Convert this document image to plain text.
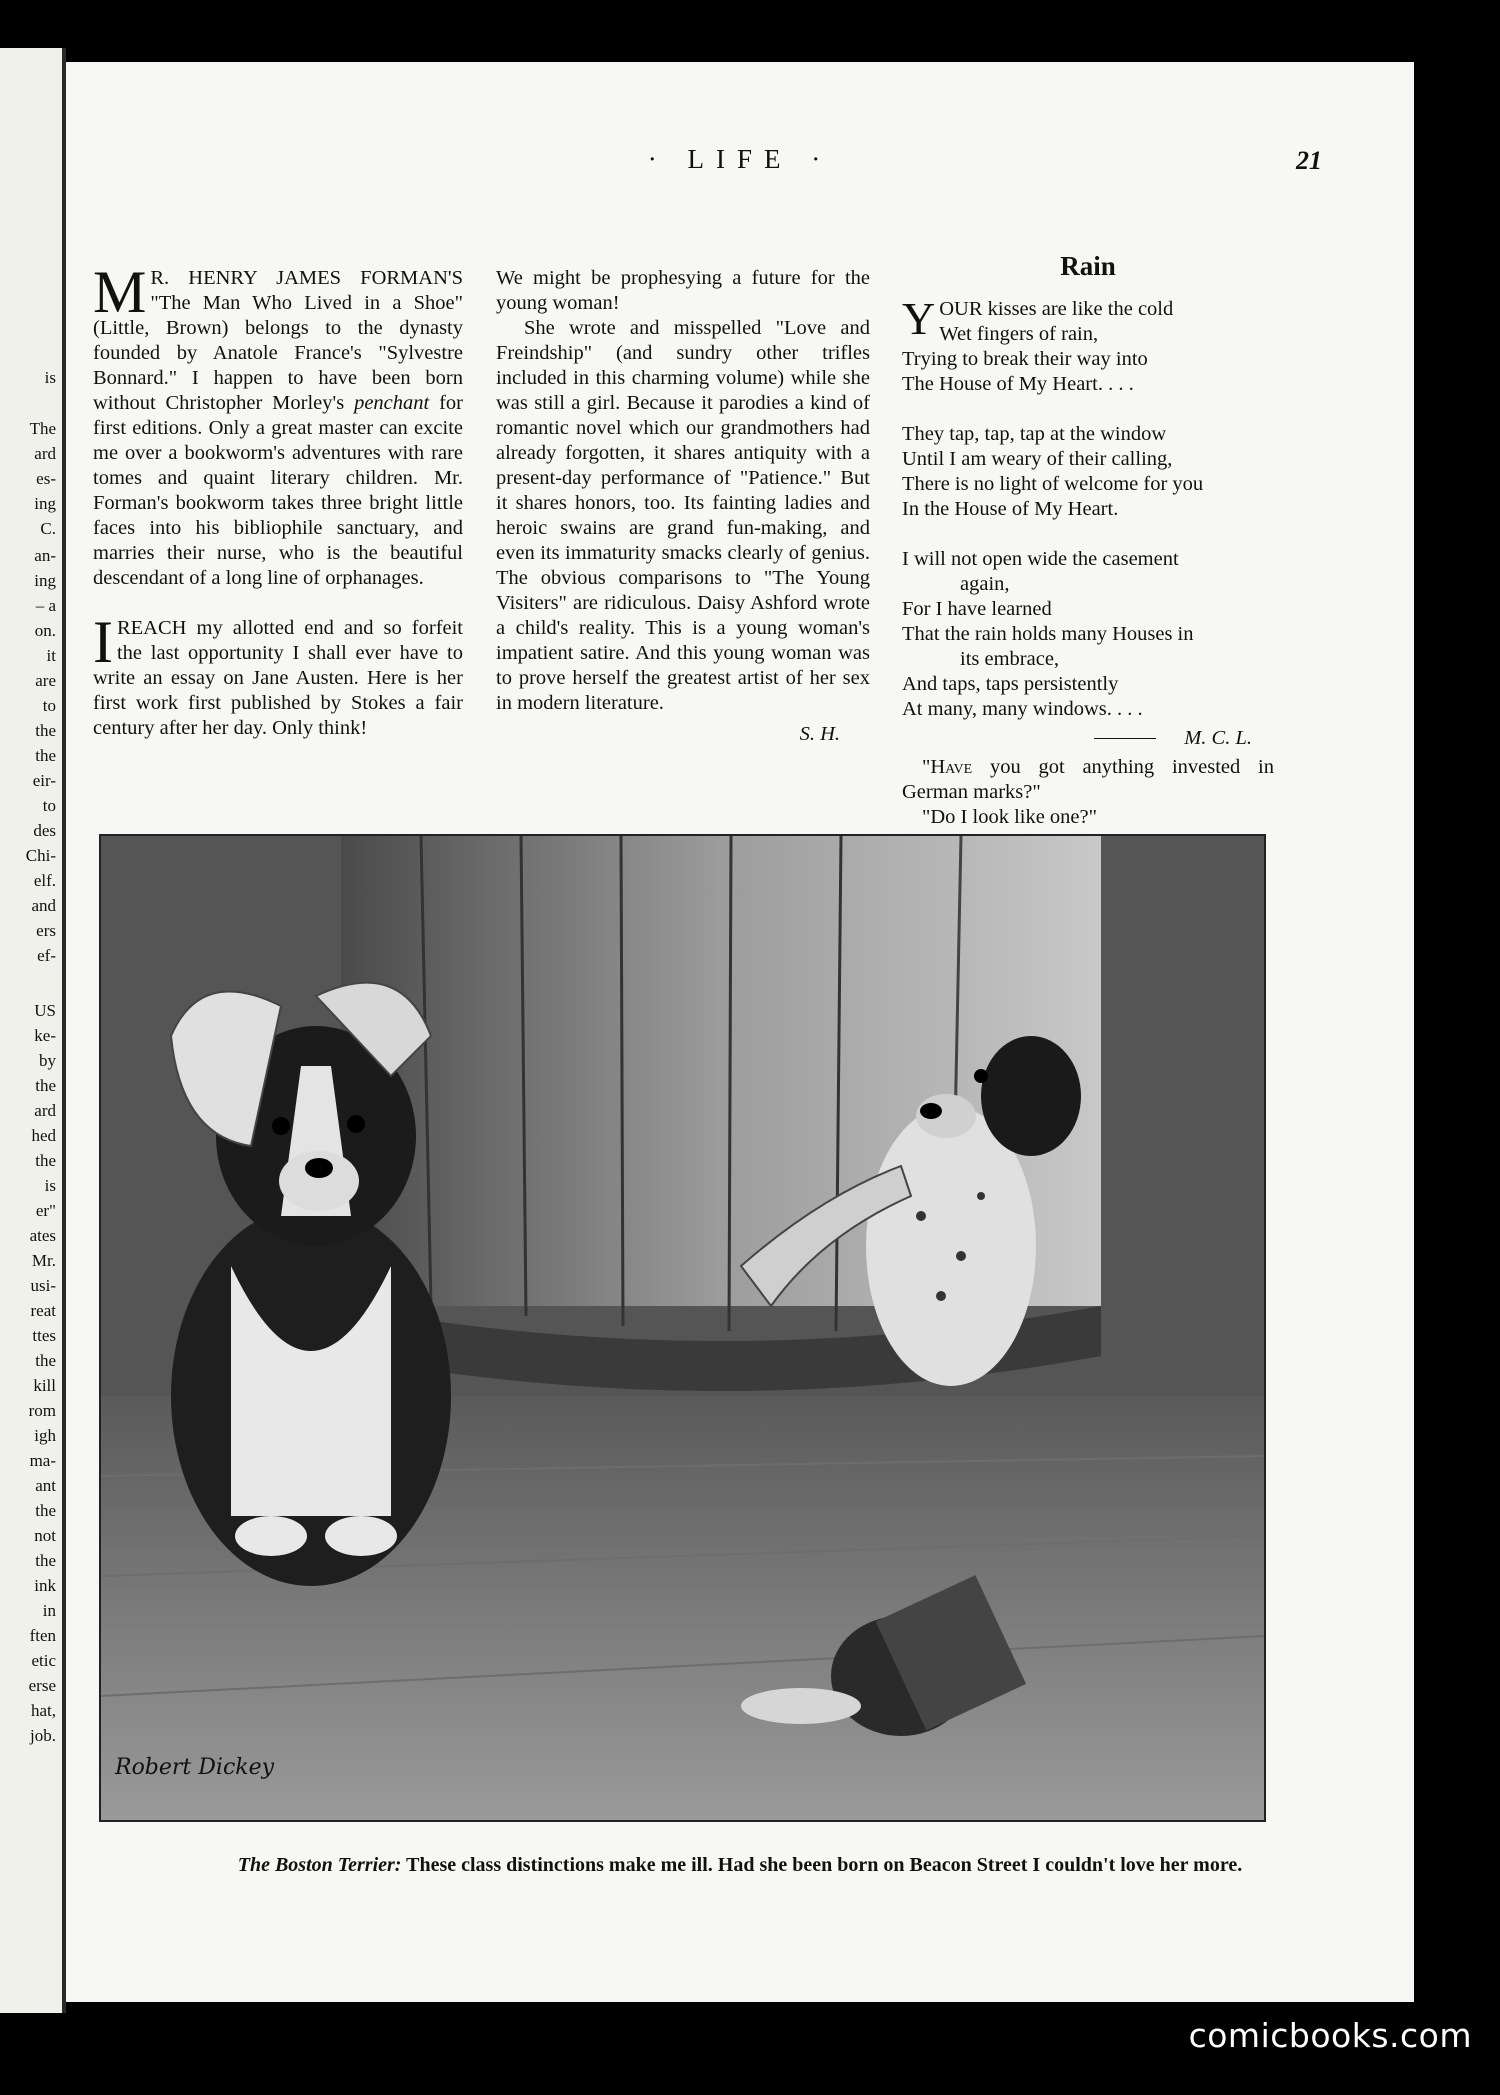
is
The
ard
es-
ing
C.
an-
ing
– a
on.
it
are
to
the
the
eir-
to
des
Chi-
elf.
and
ers
ef-
US
ke-
by
the
ard
hed
the
is
er"
ates
Mr.
usi-
reat
ttes
the
kill
rom
igh
ma-
ant
the
not
the
ink
in
ften
etic
erse
hat,
job.
· LIFE ·	21

M R. HENRY JAMES FORMAN'S "The Man Who Lived in a Shoe" (Little, Brown) belongs to the dynasty founded by Anatole France's "Sylvestre Bonnard." I happen to have been born without Christopher Morley's penchant for first editions. Only a great master can excite me over a bookworm's adventures with rare tomes and quaint literary children. Mr. Forman's bookworm takes three bright little faces into his bibliophile sanctuary, and marries their nurse, who is the beautiful descendant of a long line of orphanages.

IREACH my allotted end and so forfeit the last opportunity I shall ever have to write an essay on Jane Austen. Here is her first work first published by Stokes a fair century after her day. Only think!

We might be prophesying a future for the young woman!

She wrote and misspelled "Love and Freindship" (and sundry other trifles included in this charming volume) while she was still a girl. Because it parodies a kind of romantic novel which our grandmothers had already forgotten, it shares antiquity with a present-day performance of "Patience." But it shares honors, too. Its fainting ladies and heroic swains are grand fun-making, and even its immaturity smacks clearly of genius. The obvious comparisons to "The Young Visiters" are ridiculous. Daisy Ashford wrote a child's reality. This is a young woman's impatient satire. And this young woman was to prove herself the greatest artist of her sex in modern literature.

S. H.

Rain
YOUR kisses are like the cold
Wet fingers of rain,
Trying to break their way into
The House of My Heart. . . .
They tap, tap, tap at the window
Until I am weary of their calling,
There is no light of welcome for you
In the House of My Heart.
I will not open wide the casement
again,
For I have learned
That the rain holds many Houses in
its embrace,
And taps, taps persistently
At many, many windows. . . .
M. C. L.

"Have you got anything invested in German marks?"

"Do I look like one?"

Robert Dickey
The Boston Terrier: These class distinctions make me ill. Had she been born on Beacon Street I couldn't love her more.
comicbooks.com
